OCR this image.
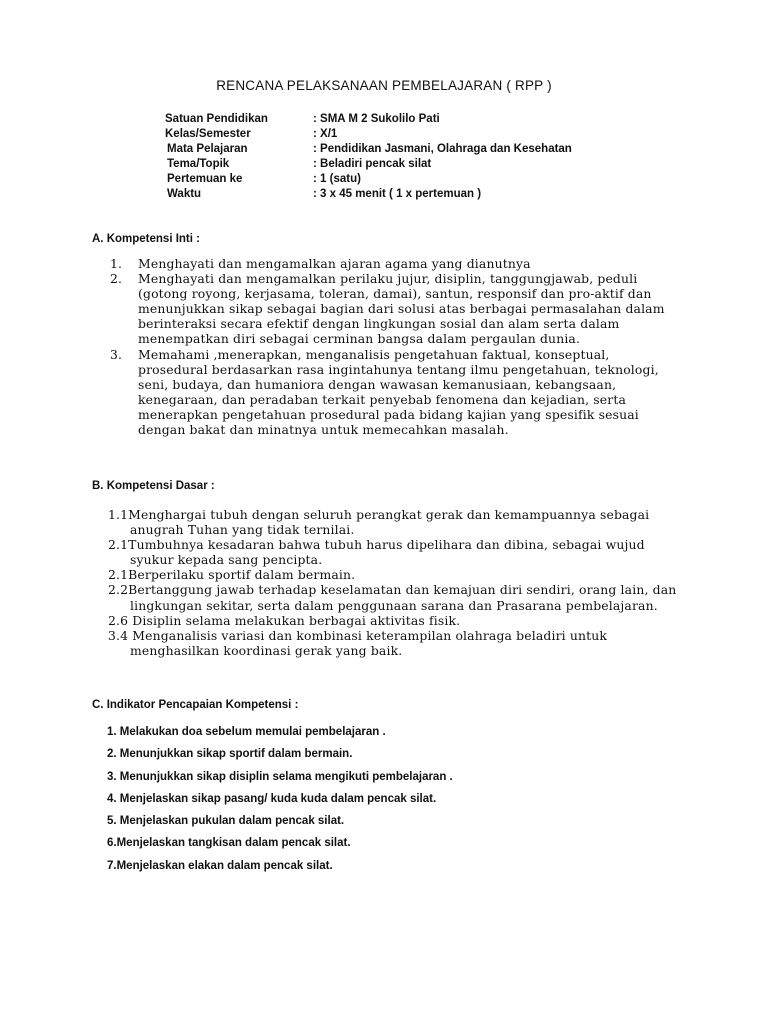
RENCANA PELAKSANAAN PEMBELAJARAN ( RPP )
Satuan Pendidikan	: SMA M 2 Sukolilo Pati
Kelas/Semester	: X/1
Mata Pelajaran	: Pendidikan Jasmani, Olahraga dan Kesehatan
Tema/Topik	: Beladiri pencak silat
Pertemuan ke	: 1 (satu)
Waktu	: 3 x 45 menit ( 1 x pertemuan )
A. Kompetensi Inti :
1.	Menghayati dan mengamalkan ajaran agama yang dianutnya
2.	Menghayati dan mengamalkan perilaku jujur, disiplin, tanggungjawab, peduli (gotong royong, kerjasama, toleran, damai), santun, responsif dan pro-aktif dan menunjukkan sikap sebagai bagian dari solusi atas berbagai permasalahan dalam berinteraksi secara efektif dengan lingkungan sosial dan alam serta dalam menempatkan diri sebagai cerminan bangsa dalam pergaulan dunia.
3.	Memahami ,menerapkan, menganalisis pengetahuan faktual, konseptual, prosedural berdasarkan rasa ingintahunya tentang ilmu pengetahuan, teknologi, seni, budaya, dan humaniora dengan wawasan kemanusiaan, kebangsaan, kenegaraan, dan peradaban terkait penyebab fenomena dan kejadian, serta menerapkan pengetahuan prosedural pada bidang kajian yang spesifik sesuai dengan bakat dan minatnya untuk memecahkan masalah.
B. Kompetensi Dasar :
1.1Menghargai tubuh dengan seluruh perangkat gerak dan kemampuannya sebagai anugrah Tuhan yang tidak ternilai.
2.1Tumbuhnya kesadaran bahwa tubuh harus dipelihara dan dibina, sebagai wujud syukur kepada sang pencipta.
2.1Berperilaku sportif dalam bermain.
2.2Bertanggung jawab terhadap keselamatan dan kemajuan diri sendiri, orang lain, dan lingkungan sekitar, serta dalam penggunaan sarana dan Prasarana pembelajaran.
2.6 Disiplin selama melakukan berbagai aktivitas fisik.
3.4 Menganalisis variasi dan kombinasi keterampilan olahraga beladiri untuk menghasilkan koordinasi gerak yang baik.
C. Indikator Pencapaian Kompetensi :
1. Melakukan doa sebelum memulai pembelajaran .
2. Menunjukkan sikap sportif dalam bermain.
3. Menunjukkan sikap disiplin selama mengikuti pembelajaran .
4. Menjelaskan sikap pasang/ kuda kuda dalam pencak silat.
5. Menjelaskan pukulan dalam pencak silat.
6.Menjelaskan tangkisan dalam pencak silat.
7.Menjelaskan elakan dalam pencak silat.
